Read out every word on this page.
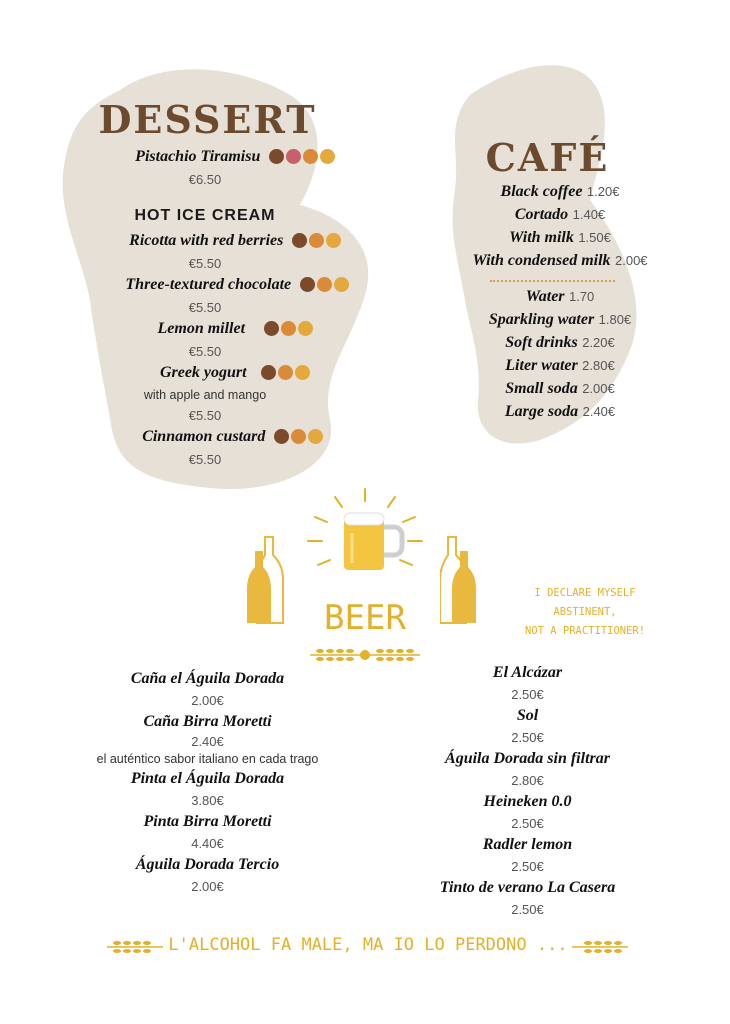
DESSERT
Pistachio Tiramisu
€6.50
HOT ICE CREAM
Ricotta with red berries
€5.50
Three-textured chocolate
€5.50
Lemon millet
€5.50
Greek yogurt
with apple and mango
€5.50
Cinnamon custard
€5.50
CAFÉ
Black coffee 1.20€
Cortado 1.40€
With milk 1.50€
With condensed milk 2.00€
Water 1.70
Sparkling water 1.80€
Soft drinks 2.20€
Liter water 2.80€
Small soda 2.00€
Large soda 2.40€
BEER
I DECLARE MYSELF ABSTINENT,
NOT A PRACTITIONER!
Caña el Águila Dorada
2.00€
Caña Birra Moretti
2.40€
el auténtico sabor italiano en cada trago
Pinta el Águila Dorada
3.80€
Pinta Birra Moretti
4.40€
Águila Dorada Tercio
2.00€
El Alcázar
2.50€
Sol
2.50€
Águila Dorada sin filtrar
2.80€
Heineken 0.0
2.50€
Radler lemon
2.50€
Tinto de verano La Casera
2.50€
L'ALCOHOL FA MALE, MA IO LO PERDONO ...
